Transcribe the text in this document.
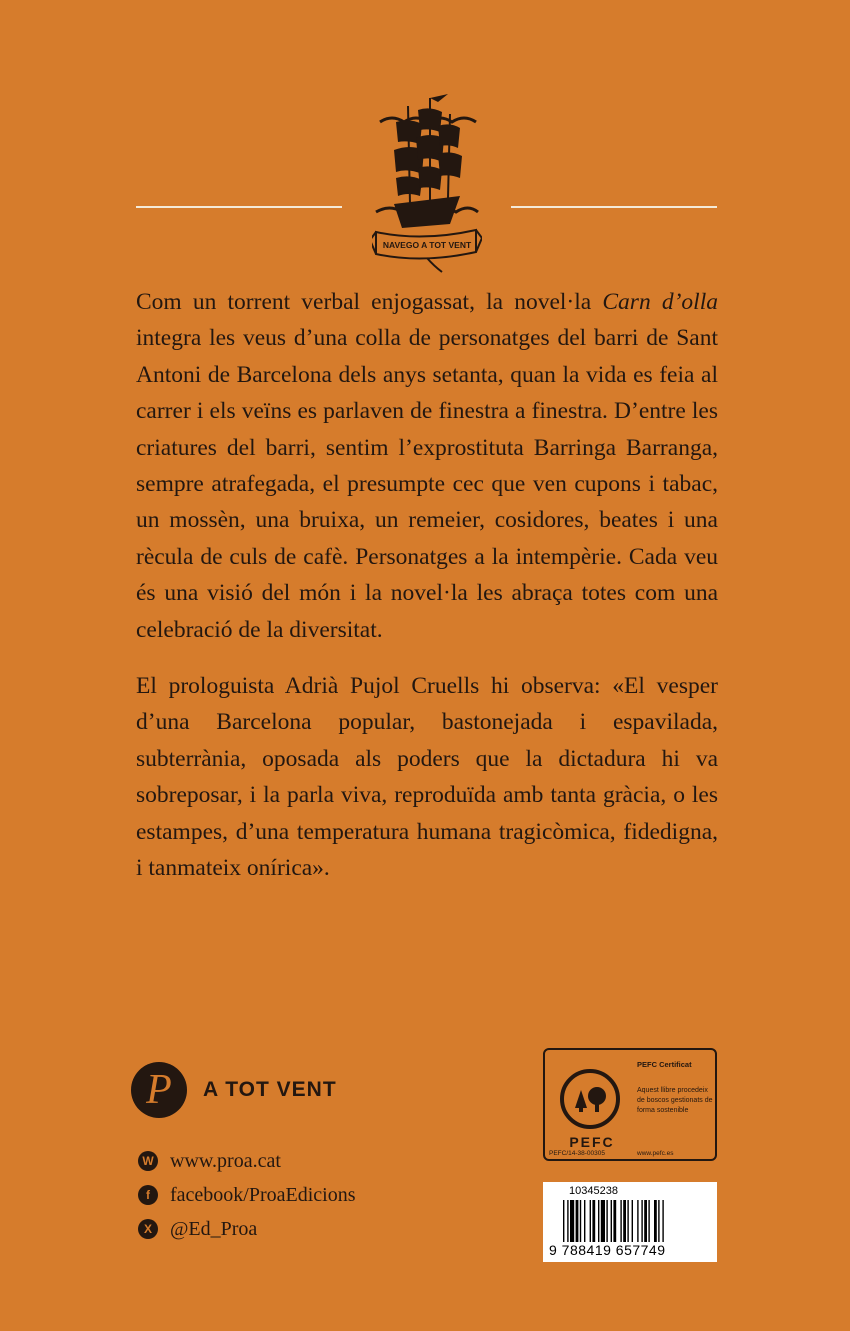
NAVEGO A TOT VENT

Com un torrent verbal enjogassat, la novel·la Carn d’olla integra les veus d’una colla de personatges del barri de Sant Antoni de Barcelona dels anys setanta, quan la vida es feia al carrer i els veïns es parlaven de finestra a finestra. D’entre les criatures del barri, sentim l’exprostituta Barringa Barranga, sempre atrafegada, el presumpte cec que ven cupons i tabac, un mossèn, una bruixa, un remeier, cosidores, beates i una rècula de culs de cafè. Personatges a la intempèrie. Cada veu és una visió del món i la novel·la les abraça totes com una celebració de la diversitat.

El prologuista Adrià Pujol Cruells hi observa: «El vesper d’una Barcelona popular, bastonejada i espavilada, subterrània, oposada als poders que la dictadura hi va sobreposar, i la parla viva, reproduïda amb tanta gràcia, o les estampes, d’una temperatura humana tragicòmica, fidedigna, i tanmateix onírica».

P	A TOT VENT
W www.proa.cat
f	facebook/ProaEdicions
X @Ed_Proa
PEFC
PEFC/14-38-00305
PEFC Certificat
Aquest llibre procedeix de boscos gestionats de forma sostenible
www.pefc.es
10345238
9 788419 657749
